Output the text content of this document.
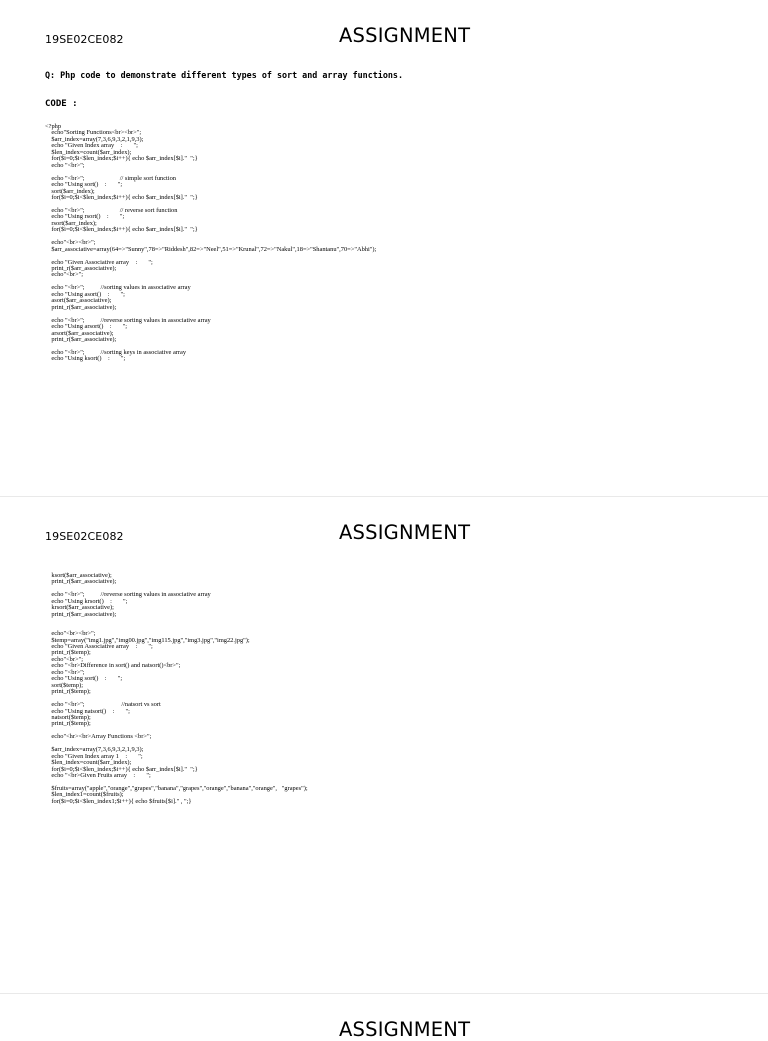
19SE02CE082	ASSIGNMENT
Q: Php code to demonstrate different types of sort and array functions.
CODE :
<?php
echo"Sorting Functions<br><br>";
$arr_index=array(7,3,6,9,3,2,1,9,3);
echo "Given Index array    :       ";
$len_index=count($arr_index);
for($i=0;$i<$len_index;$i++){ echo $arr_index[$i]."  ";}
echo "<br>";

echo "<br>";                      // simple sort function
echo "Using sort()    :       ";
sort($arr_index);
for($i=0;$i<$len_index;$i++){ echo $arr_index[$i]."  ";}

echo "<br>";                      // reverse sort function
echo "Using rsort()    :       ";
rsort($arr_index);
for($i=0;$i<$len_index;$i++){ echo $arr_index[$i]."  ";}

echo"<br><br>";
$arr_associative=array(64=>"Sunny",78=>"Riddesh",82=>"Neel",51=>"Krunal",72=>"Nakul",18=>"Shantanu",70=>"Abhi");

echo "Given Associative array    :       ";
print_r($arr_associative);
echo"<br>";

echo "<br>";          //sorting values in associative array
echo "Using asort()    :       ";
asort($arr_associative);
print_r($arr_associative);

echo "<br>";          //reverse sorting values in associative array
echo "Using arsort()    :       ";
arsort($arr_associative);
print_r($arr_associative);

echo "<br>";          //sorting keys in associative array
echo "Using ksort()    :       ";
19SE02CE082	ASSIGNMENT
ksort($arr_associative);
print_r($arr_associative);

echo "<br>";          //reverse sorting values in associative array
echo "Using krsort()    :       ";
krsort($arr_associative);
print_r($arr_associative);

echo"<br><br>";
$temp=array("img1.jpg","img00.jpg","img115.jpg","img3.jpg","img22.jpg");
echo "Given Associative array    :       ";
print_r($temp);
echo"<br>";
echo "<br>Difference in sort() and natsort()<br>";
echo "<br>";
echo "Using sort()    :       ";
sort($temp);
print_r($temp);

echo "<br>";                       //natsort vs sort
echo "Using natsort()    :       ";
natsort($temp);
print_r($temp);

echo"<hr><br>Array Functions <br>";

$arr_index=array(7,3,6,9,3,2,1,9,3);
echo "Given Index array 1    :       ";
$len_index=count($arr_index);
for($i=0;$i<$len_index;$i++){ echo $arr_index[$i]."  ";}
echo "<br>Given Fruits array    :       ";

$fruits=array("apple","orange","grapes","banana","grapes","orange","banana","orange",   "grapes");
$len_index1=count($fruits);
for($i=0;$i<$len_index1;$i++){ echo $fruits[$i]." , ";}
ASSIGNMENT
